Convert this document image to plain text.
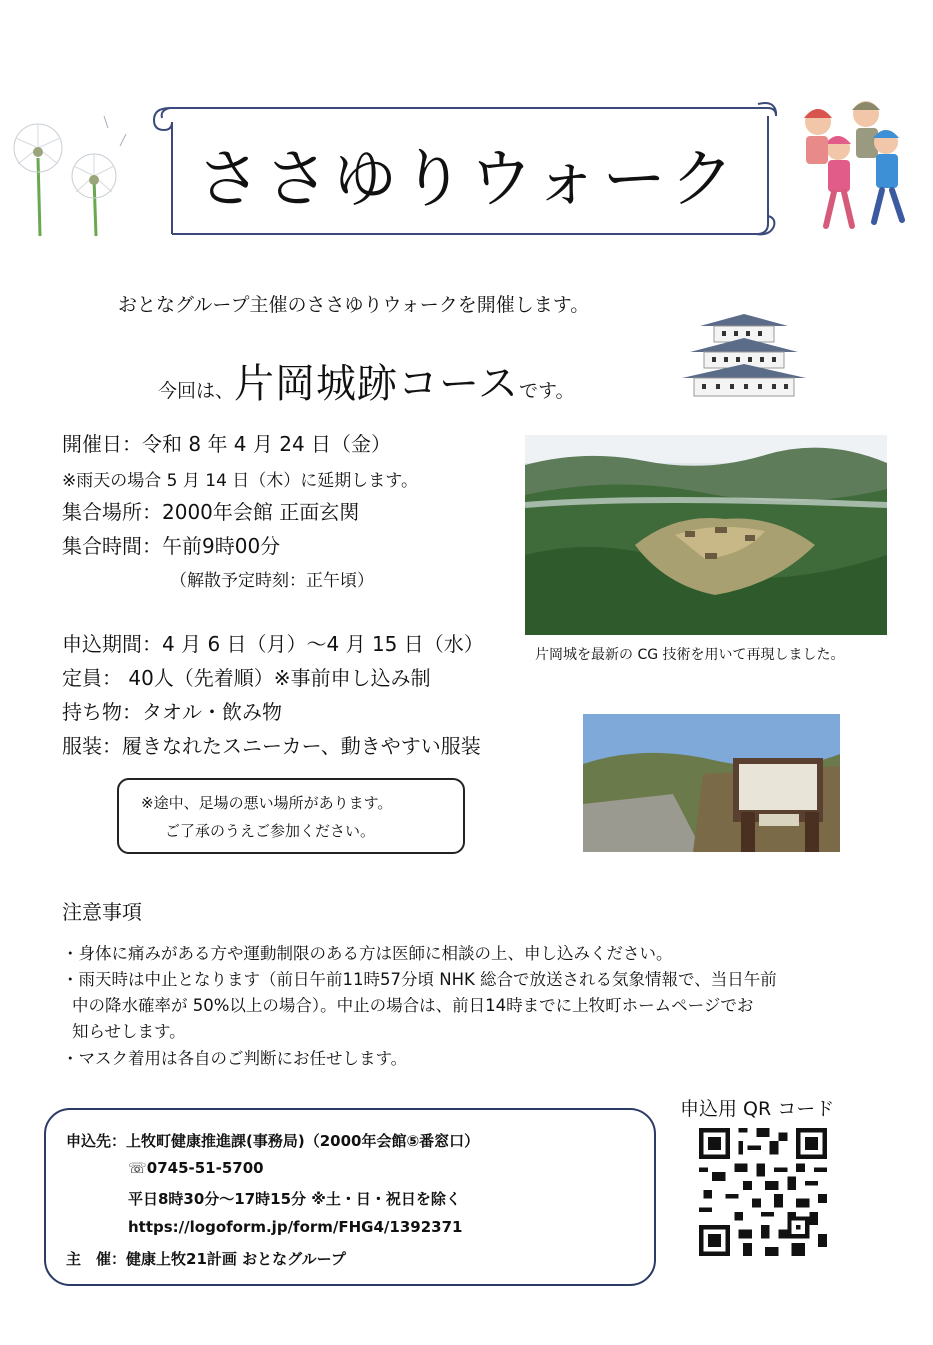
ささゆりウォーク
おとなグループ主催のささゆりウォークを開催します。
今回は、片岡城跡コースです。
開催日：令和 8 年 4 月 24 日（金）
※雨天の場合 5 月 14 日（木）に延期します。
集合場所：2000年会館 正面玄関
集合時間：午前9時00分
（解散予定時刻：正午頃）
申込期間：4 月 6 日（月）～4 月 15 日（水）
定員： 40人（先着順）※事前申し込み制
持ち物：タオル・飲み物
服装：履きなれたスニーカー、動きやすい服装
片岡城を最新の CG 技術を用いて再現しました。
※途中、足場の悪い場所があります。
ご了承のうえご参加ください。
注意事項
・身体に痛みがある方や運動制限のある方は医師に相談の上、申し込みください。
・雨天時は中止となります（前日午前11時57分頃 NHK 総合で放送される気象情報で、当日午前
中の降水確率が 50%以上の場合）。中止の場合は、前日14時までに上牧町ホームページでお
知らせします。
・マスク着用は各自のご判断にお任せします。
申込先：上牧町健康推進課(事務局)（2000年会館⑤番窓口）
☏0745-51-5700
平日8時30分～17時15分 ※土・日・祝日を除く
https://logoform.jp/form/FHG4/1392371
主　催：健康上牧21計画 おとなグループ
申込用 QR コード
